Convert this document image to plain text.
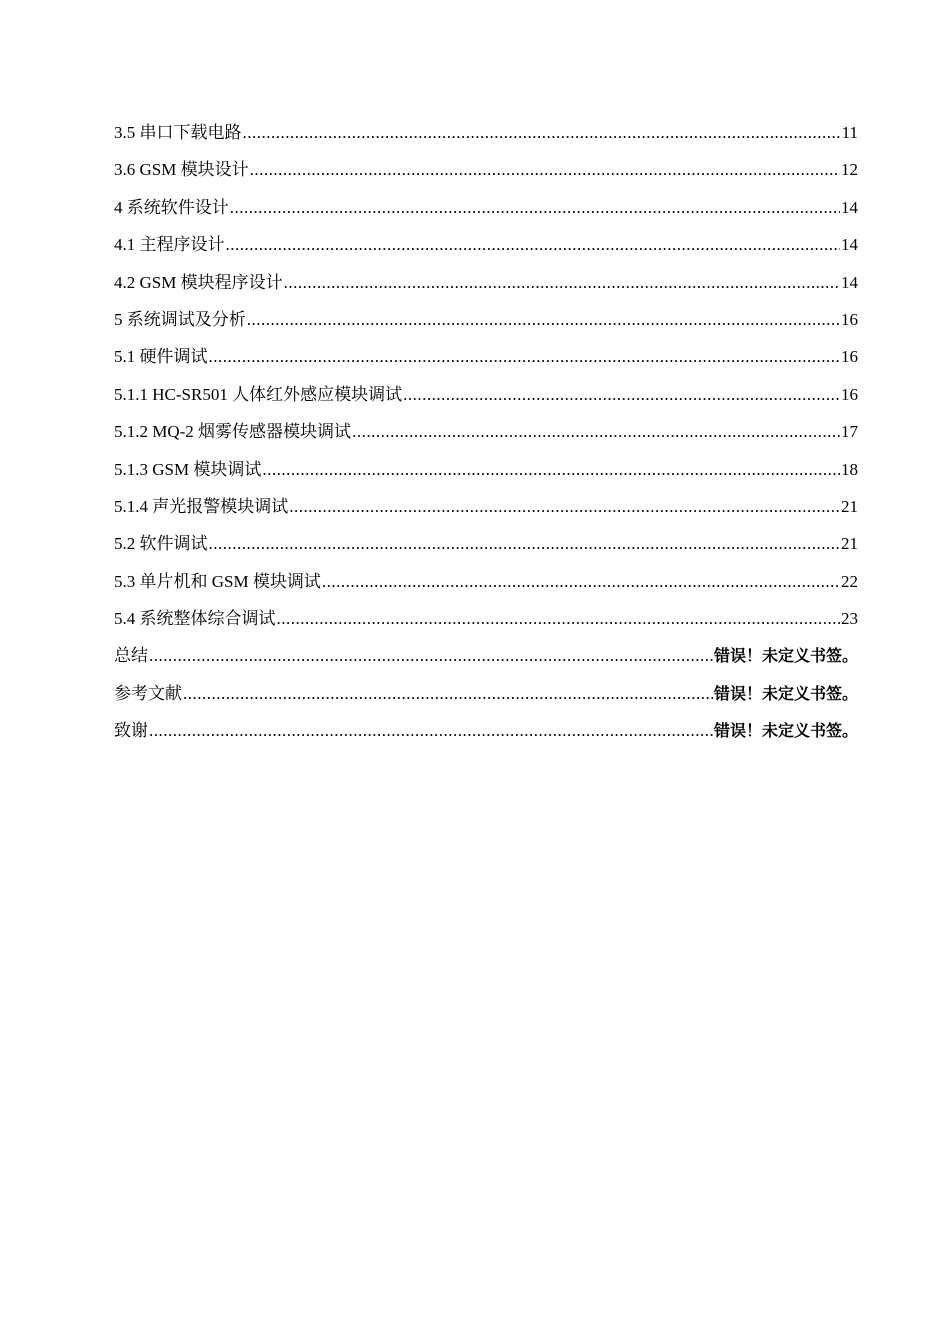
3.5 串口下载电路 .....	11
3.6 GSM 模块设计 .....	12
4 系统软件设计 .....	14
4.1 主程序设计 .....	14
4.2 GSM 模块程序设计 .....	14
5 系统调试及分析 .....	16
5.1 硬件调试 .....	16
5.1.1 HC-SR501 人体红外感应模块调试 .....	16
5.1.2 MQ-2 烟雾传感器模块调试 .....	17
5.1.3 GSM 模块调试 .....	18
5.1.4 声光报警模块调试 .....	21
5.2 软件调试 .....	21
5.3 单片机和 GSM 模块调试 .....	22
5.4 系统整体综合调试 .....	23
总结 .....	错误！未定义书签。
参考文献 .....	错误！未定义书签。
致谢 .....	错误！未定义书签。
